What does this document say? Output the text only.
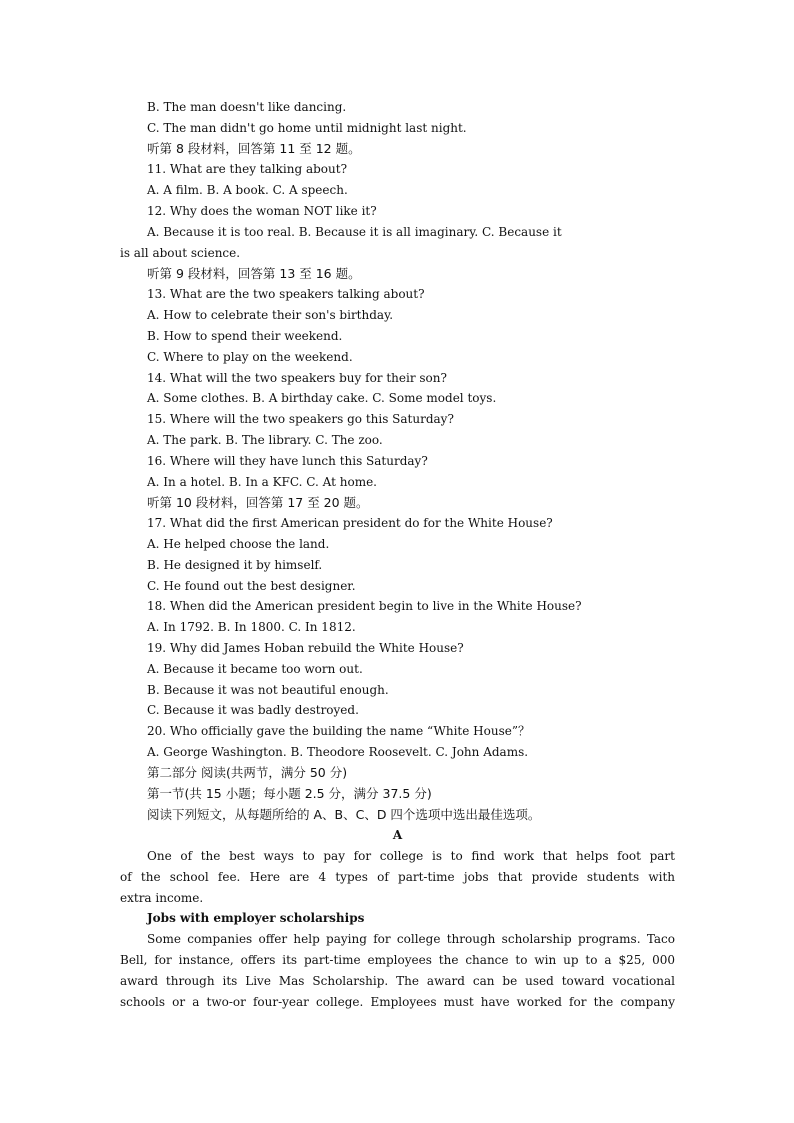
B. The man doesn't like dancing.
C. The man didn't go home until midnight last night.
听第 8 段材料，回答第 11 至 12 题。
11. What are they talking about?
A. A film. B. A book. C. A speech.
12. Why does the woman NOT like it?
A. Because it is too real. B. Because it is all imaginary. C. Because it
is all about science.
听第 9 段材料，回答第 13 至 16 题。
13. What are the two speakers talking about?
A. How to celebrate their son's birthday.
B. How to spend their weekend.
C. Where to play on the weekend.
14. What will the two speakers buy for their son?
A. Some clothes. B. A birthday cake. C. Some model toys.
15. Where will the two speakers go this Saturday?
A. The park. B. The library. C. The zoo.
16. Where will they have lunch this Saturday?
A. In a hotel. B. In a KFC. C. At home.
听第 10 段材料，回答第 17 至 20 题。
17. What did the first American president do for the White House?
A. He helped choose the land.
B. He designed it by himself.
C. He found out the best designer.
18. When did the American president begin to live in the White House?
A. In 1792. B. In 1800. C. In 1812.
19. Why did James Hoban rebuild the White House?
A. Because it became too worn out.
B. Because it was not beautiful enough.
C. Because it was badly destroyed.
20. Who officially gave the building the name “White House”？
A. George Washington. B. Theodore Roosevelt. C. John Adams.
第二部分 阅读(共两节，满分 50 分)
第一节(共 15 小题；每小题 2.5 分，满分 37.5 分)
阅读下列短文，从每题所给的 A、B、C、D 四个选项中选出最佳选项。
A
One of the best ways to pay for college is to find work that helps foot part
of the school fee. Here are 4 types of part-time jobs that provide students with
extra income.
Jobs with employer scholarships
Some companies offer help paying for college through scholarship programs. Taco
Bell, for instance, offers its part-time employees the chance to win up to a $25, 000
award through its Live Mas Scholarship. The award can be used toward vocational
schools or a two-or four-year college. Employees must have worked for the company
